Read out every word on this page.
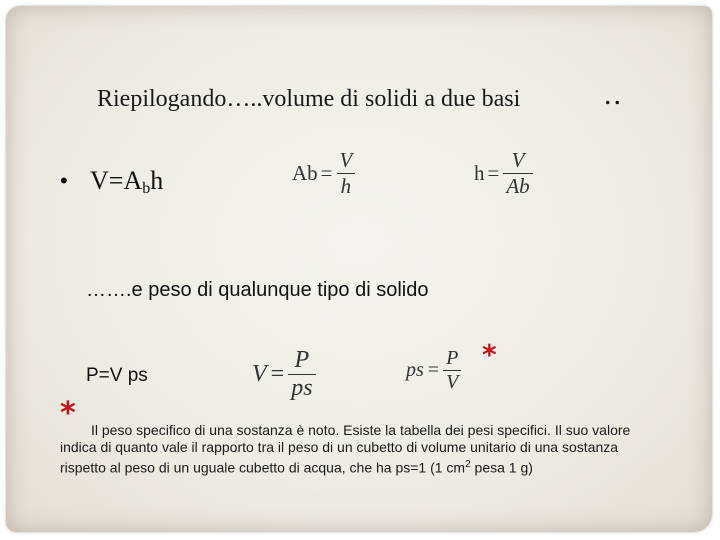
Riepilogando…..volume di solidi a due basi	..
• $V=A_bh$	$Ab = \frac{V}{h}$	$h = \frac{V}{Ab}$
…….e peso di qualunque tipo di solido
P=V ps	$V = \frac{P}{ps}$	ps = $\frac{P}{V}$ *
*	Il peso specifico di una sostanza è noto. Esiste la tabella dei pesi specifici. Il suo valore indica di quanto vale il rapporto tra il peso di un cubetto di volume unitario di una sostanza rispetto al peso di un uguale cubetto di acqua, che ha ps=1 (1 $cm^2$ pesa 1 g)
